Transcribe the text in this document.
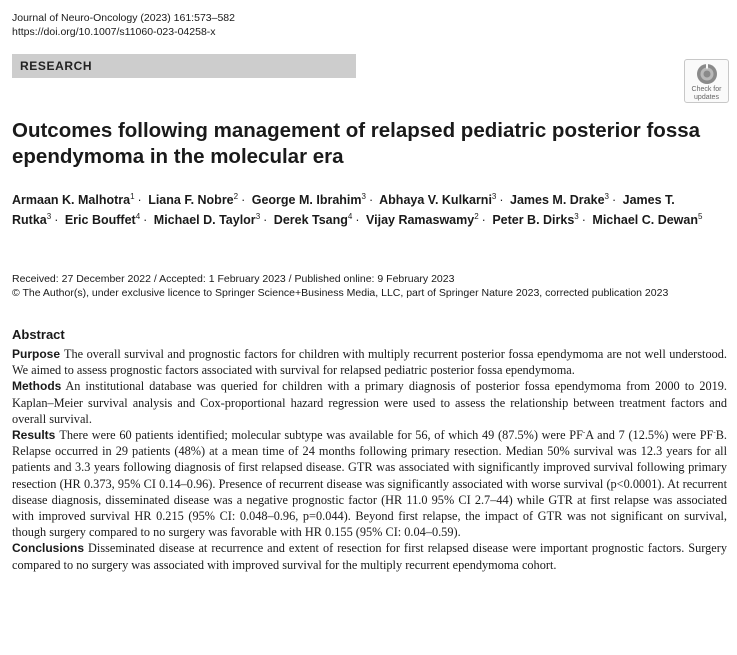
Journal of Neuro-Oncology (2023) 161:573–582
https://doi.org/10.1007/s11060-023-04258-x
RESEARCH
Check for
updates
Outcomes following management of relapsed pediatric posterior fossa ependymoma in the molecular era
Armaan K. Malhotra$^1$ · Liana F. Nobre$^2$ · George M. Ibrahim$^3$ · Abhaya V. Kulkarni$^3$ · James M. Drake$^3$ · James T. Rutka$^3$ · Eric Bouffet$^4$ · Michael D. Taylor$^3$ · Derek Tsang$^4$ · Vijay Ramaswamy$^2$ · Peter B. Dirks$^3$ · Michael C. Dewan$^5$
Received: 27 December 2022 / Accepted: 1 February 2023 / Published online: 9 February 2023
© The Author(s), under exclusive licence to Springer Science+Business Media, LLC, part of Springer Nature 2023, corrected publication 2023
Abstract

Purpose The overall survival and prognostic factors for children with multiply recurrent posterior fossa ependymoma are not well understood. We aimed to assess prognostic factors associated with survival for relapsed pediatric posterior fossa ependymoma.

Methods An institutional database was queried for children with a primary diagnosis of posterior fossa ependymoma from 2000 to 2019. Kaplan–Meier survival analysis and Cox-proportional hazard regression were used to assess the relationship between treatment factors and overall survival.

Results There were 60 patients identified; molecular subtype was available for 56, of which 49 (87.5%) were PF-A and 7 (12.5%) were PF-B. Relapse occurred in 29 patients (48%) at a mean time of 24 months following primary resection. Median 50% survival was 12.3 years for all patients and 3.3 years following diagnosis of first relapsed disease. GTR was associated with significantly improved survival following primary resection (HR 0.373, 95% CI 0.14–0.96). Presence of recurrent disease was significantly associated with worse survival (p<0.0001). At recurrent disease diagnosis, disseminated disease was a negative prognostic factor (HR 11.0 95% CI 2.7–44) while GTR at first relapse was associated with improved survival HR 0.215 (95% CI: 0.048–0.96, p=0.044). Beyond first relapse, the impact of GTR was not significant on survival, though surgery compared to no surgery was favorable with HR 0.155 (95% CI: 0.04–0.59).

Conclusions Disseminated disease at recurrence and extent of resection for first relapsed disease were important prognostic factors. Surgery compared to no surgery was associated with improved survival for the multiply recurrent ependymoma cohort.
